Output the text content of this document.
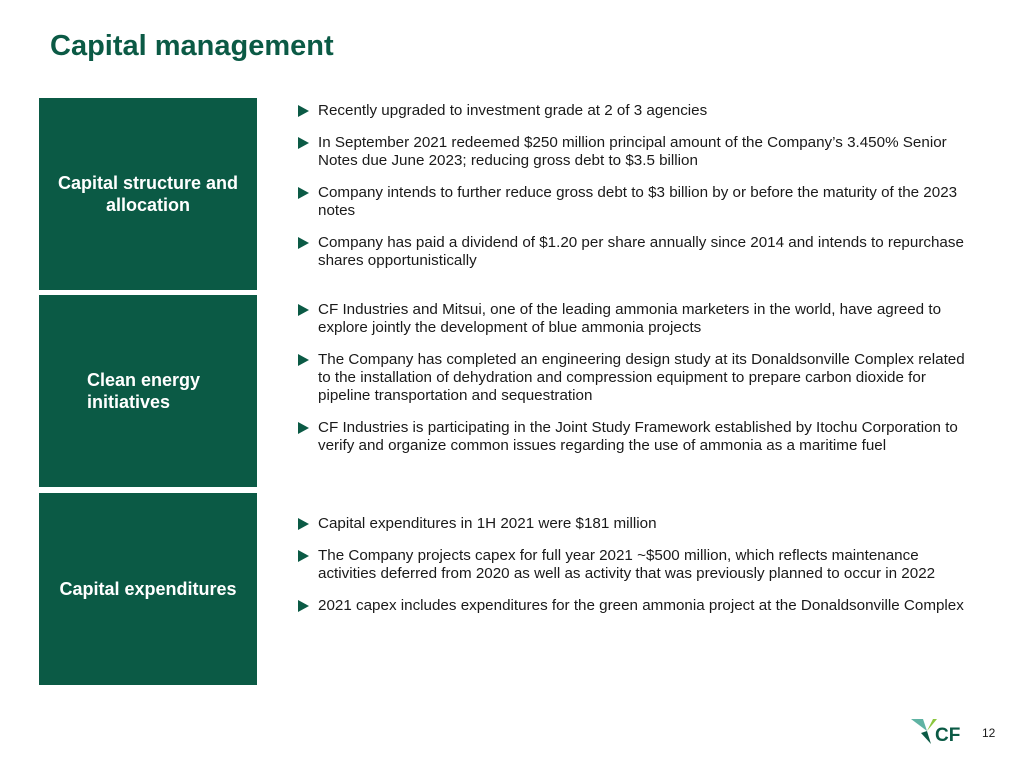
Capital management
Capital structure and allocation
Clean energy initiatives
Capital expenditures
Recently upgraded to investment grade at 2 of 3 agencies
In September 2021 redeemed $250 million principal amount of the Company’s 3.450% Senior Notes due June 2023; reducing gross debt to $3.5 billion
Company intends to further reduce gross debt to $3 billion by or before the maturity of the 2023 notes
Company has paid a dividend of $1.20 per share annually since 2014 and intends to repurchase shares opportunistically
CF Industries and Mitsui, one of the leading ammonia marketers in the world, have agreed to explore jointly the development of blue ammonia projects
The Company has completed an engineering design study at its Donaldsonville Complex related to the installation of dehydration and compression equipment to prepare carbon dioxide for pipeline transportation and sequestration
CF Industries is participating in the Joint Study Framework established by Itochu Corporation to verify and organize common issues regarding the use of ammonia as a maritime fuel
Capital expenditures in 1H 2021 were $181 million
The Company projects capex for full year 2021 ~$500 million, which reflects maintenance activities deferred from 2020 as well as activity that was previously planned to occur in 2022
2021 capex includes expenditures for the green ammonia project at the Donaldsonville Complex
CF 12
